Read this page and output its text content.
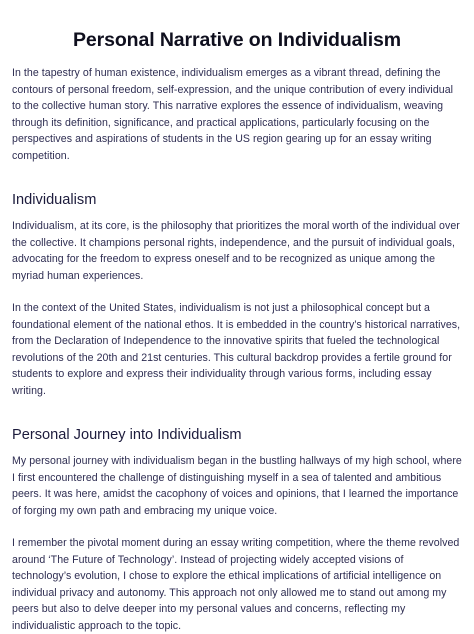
Personal Narrative on Individualism

In the tapestry of human existence, individualism emerges as a vibrant thread, defining the contours of personal freedom, self-expression, and the unique contribution of every individual to the collective human story. This narrative explores the essence of individualism, weaving through its definition, significance, and practical applications, particularly focusing on the perspectives and aspirations of students in the US region gearing up for an essay writing competition.

Individualism

Individualism, at its core, is the philosophy that prioritizes the moral worth of the individual over the collective. It champions personal rights, independence, and the pursuit of individual goals, advocating for the freedom to express oneself and to be recognized as unique among the myriad human experiences.

In the context of the United States, individualism is not just a philosophical concept but a foundational element of the national ethos. It is embedded in the country’s historical narratives, from the Declaration of Independence to the innovative spirits that fueled the technological revolutions of the 20th and 21st centuries. This cultural backdrop provides a fertile ground for students to explore and express their individuality through various forms, including essay writing.

Personal Journey into Individualism

My personal journey with individualism began in the bustling hallways of my high school, where I first encountered the challenge of distinguishing myself in a sea of talented and ambitious peers. It was here, amidst the cacophony of voices and opinions, that I learned the importance of forging my own path and embracing my unique voice.

I remember the pivotal moment during an essay writing competition, where the theme revolved around ‘The Future of Technology’. Instead of projecting widely accepted visions of technology’s evolution, I chose to explore the ethical implications of artificial intelligence on individual privacy and autonomy. This approach not only allowed me to stand out among my peers but also to delve deeper into my personal values and concerns, reflecting my individualistic approach to the topic.
